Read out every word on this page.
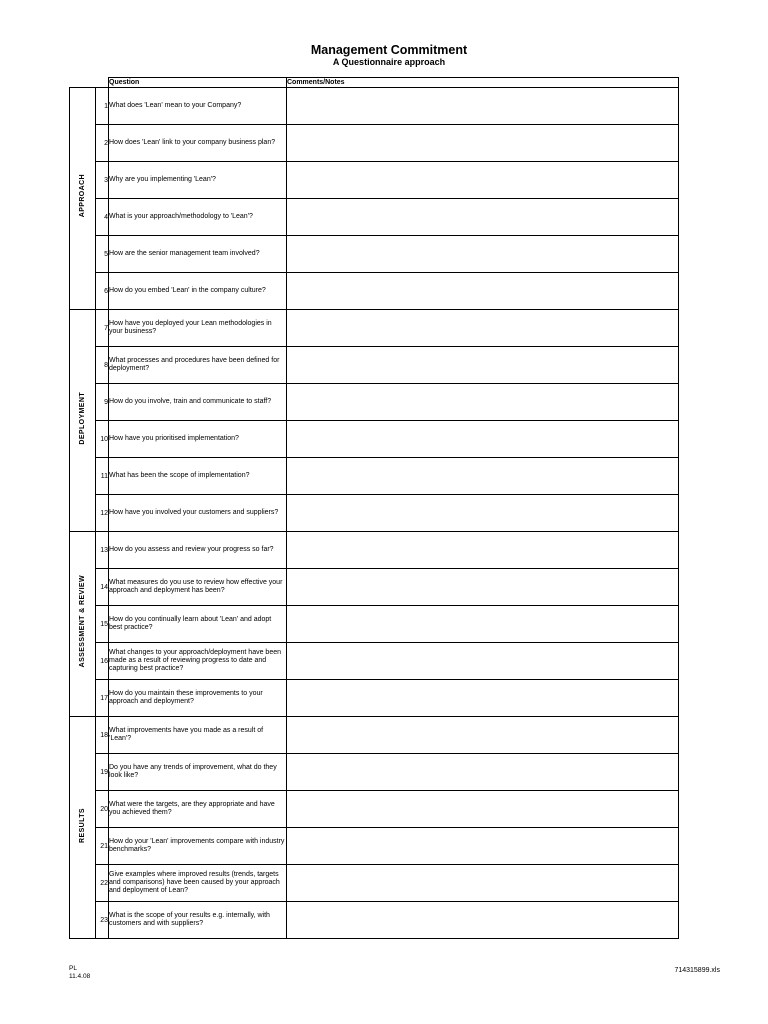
Management Commitment
A Questionnaire approach
		Question	Comments/Notes
APPROACH	1	What does 'Lean' mean to your Company?	
	2	How does 'Lean' link to your company business plan?	
	3	Why are you implementing 'Lean'?	
	4	What is your approach/methodology to 'Lean'?	
	5	How are the senior management team involved?	
	6	How do you embed 'Lean' in the company culture?	
DEPLOYMENT	7	How have you deployed your Lean methodologies in your business?	
	8	What processes and procedures have been defined for deployment?	
	9	How do you involve, train and communicate to staff?	
	10	How have you prioritised implementation?	
	11	What has been the scope of implementation?	
	12	How have you involved your customers and suppliers?	
ASSESSMENT & REVIEW	13	How do you assess and review your progress so far?	
	14	What measures do you use to review how effective your approach and deployment has been?	
	15	How do you continually learn about 'Lean' and adopt best practice?	
	16	What changes to your approach/deployment have been made as a result of reviewing progress to date and capturing best practice?	
	17	How do you maintain these improvements to your approach and deployment?	
RESULTS	18	What improvements have you made as a result of 'Lean'?	
	19	Do you have any trends of improvement, what do they look like?	
	20	What were the targets, are they appropriate and have you achieved them?	
	21	How do your 'Lean' improvements compare with industry benchmarks?	
	22	Give examples where improved results (trends, targets and comparisons) have been caused by your approach and deployment of Lean?	
	23	What is the scope of your results e.g. internally, with customers and with suppliers?	
PL
11.4.08
714315899.xls
